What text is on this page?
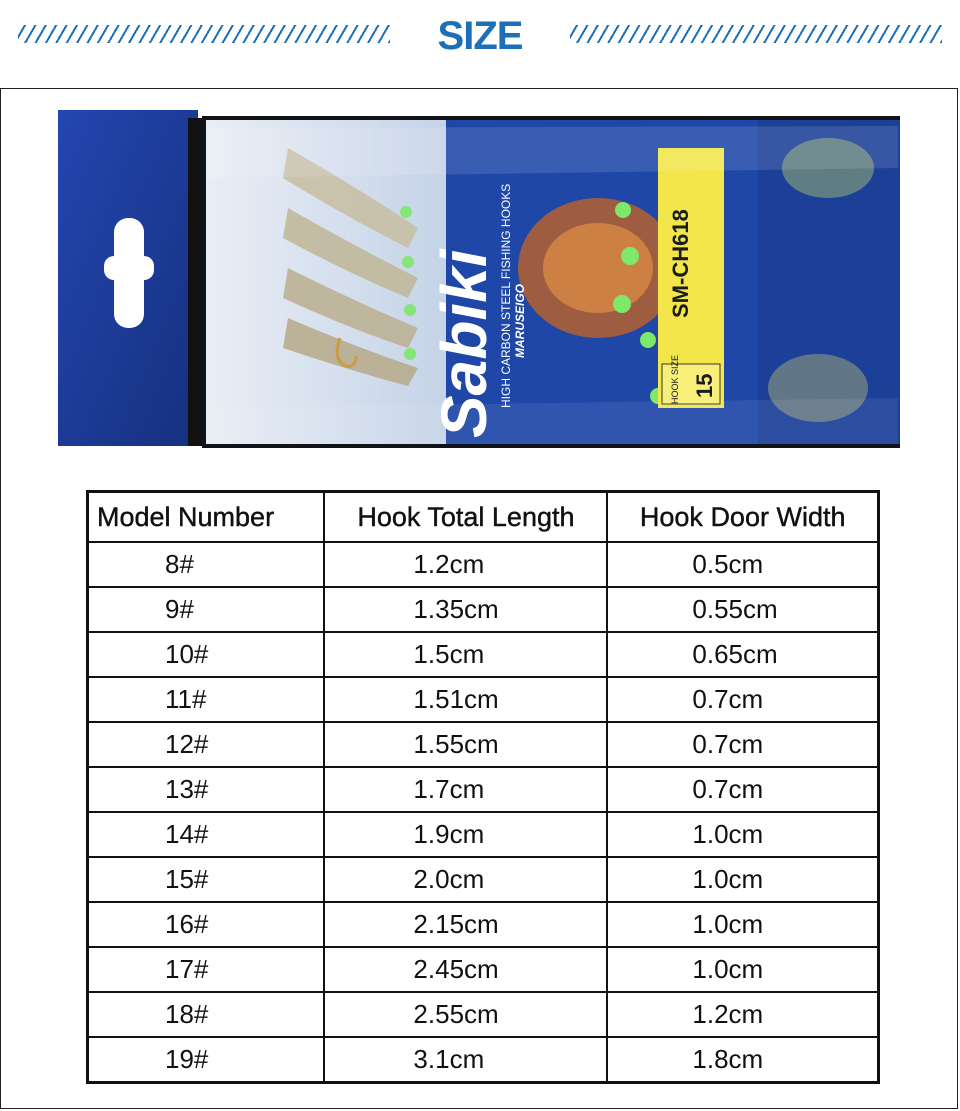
SIZE
Sabiki HIGH CARBON STEEL FISHING HOOKS MARUSEIGO
SM-CH618
HOOK SIZE 15
Model Number	Hook Total Length	Hook Door Width
8#	1.2cm	0.5cm
9#	1.35cm	0.55cm
10#	1.5cm	0.65cm
11#	1.51cm	0.7cm
12#	1.55cm	0.7cm
13#	1.7cm	0.7cm
14#	1.9cm	1.0cm
15#	2.0cm	1.0cm
16#	2.15cm	1.0cm
17#	2.45cm	1.0cm
18#	2.55cm	1.2cm
19#	3.1cm	1.8cm
